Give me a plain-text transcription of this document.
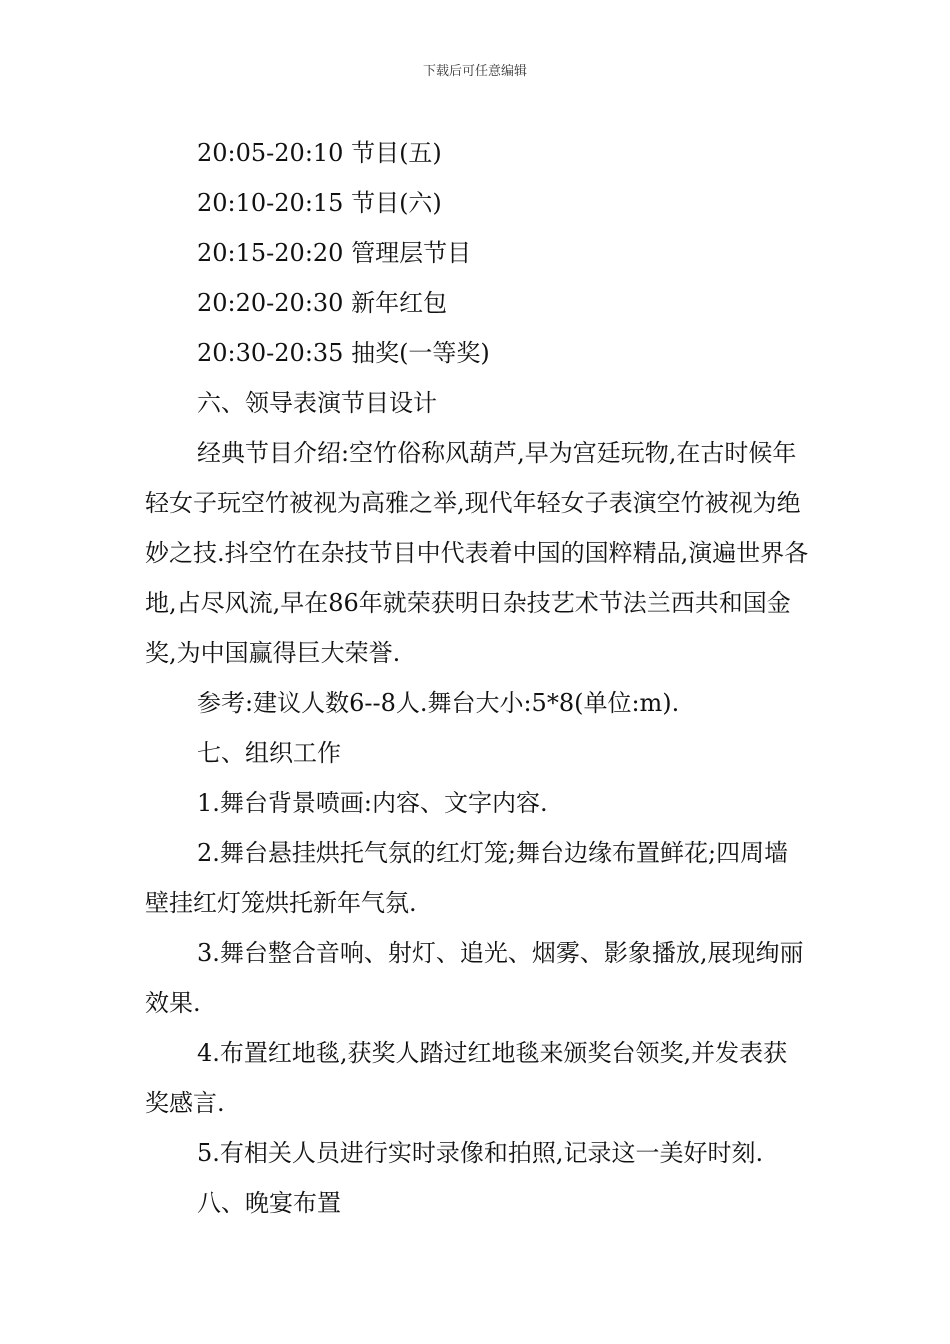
下载后可任意编辑

20:05-20:10 节目(五)

20:10-20:15 节目(六)

20:15-20:20 管理层节目

20:20-20:30 新年红包

20:30-20:35 抽奖(一等奖)

六、领导表演节目设计

经典节目介绍:空竹俗称风葫芦,早为宫廷玩物,在古时候年轻女子玩空竹被视为高雅之举,现代年轻女子表演空竹被视为绝妙之技.抖空竹在杂技节目中代表着中国的国粹精品,演遍世界各地,占尽风流,早在86年就荣获明日杂技艺术节法兰西共和国金奖,为中国赢得巨大荣誉.

参考:建议人数6--8人.舞台大小:5*8(单位:m).

七、组织工作

1.舞台背景喷画:内容、文字内容.

2.舞台悬挂烘托气氛的红灯笼;舞台边缘布置鲜花;四周墙壁挂红灯笼烘托新年气氛.

3.舞台整合音响、射灯、追光、烟雾、影象播放,展现绚丽效果.

4.布置红地毯,获奖人踏过红地毯来颁奖台领奖,并发表获奖感言.

5.有相关人员进行实时录像和拍照,记录这一美好时刻.

八、晚宴布置
